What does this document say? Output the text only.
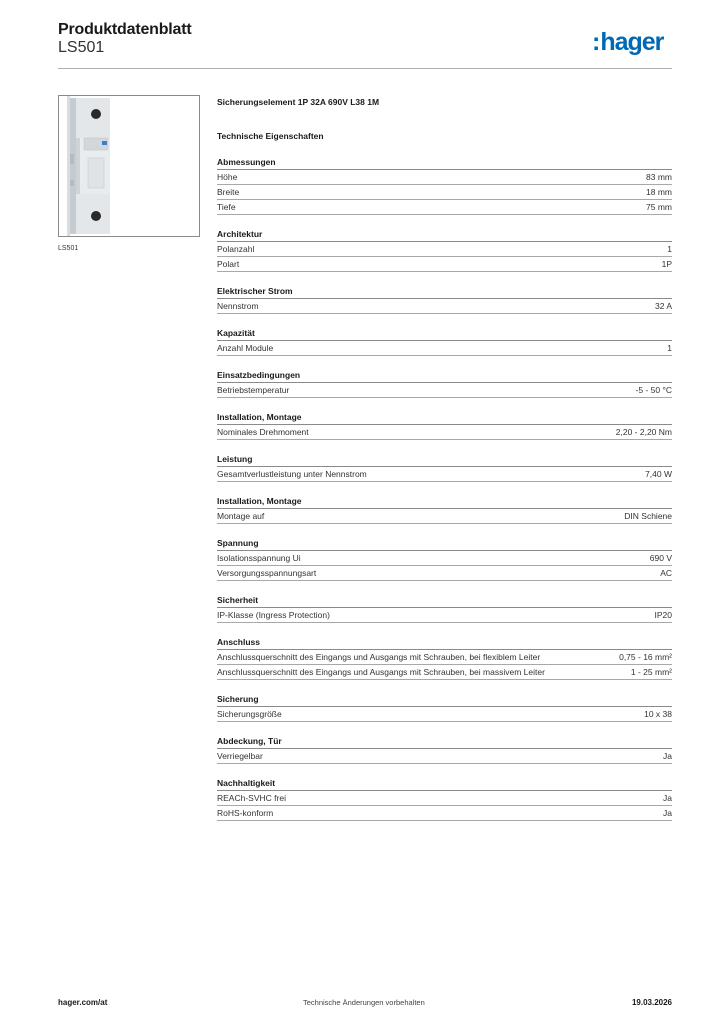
Produktdatenblatt
LS501	:hager
LS501
Sicherungselement 1P 32A 690V L38 1M
Technische Eigenschaften
Abmessungen
Höhe	83 mm
Breite	18 mm
Tiefe	75 mm
Architektur
Polanzahl	1
Polart	1P
Elektrischer Strom
Nennstrom	32 A
Kapazität
Anzahl Module	1
Einsatzbedingungen
Betriebstemperatur	-5 - 50 °C
Installation, Montage
Nominales Drehmoment	2,20 - 2,20 Nm
Leistung
Gesamtverlustleistung unter Nennstrom	7,40 W
Installation, Montage
Montage auf	DIN Schiene
Spannung
Isolationsspannung Ui	690 V
Versorgungsspannungsart	AC
Sicherheit
IP-Klasse (Ingress Protection)	IP20
Anschluss
Anschlussquerschnitt des Eingangs und Ausgangs mit Schrauben, bei flexiblem Leiter	0,75 - 16 mm²
Anschlussquerschnitt des Eingangs und Ausgangs mit Schrauben, bei massivem Leiter	1 - 25 mm²
Sicherung
Sicherungsgröße	10 x 38
Abdeckung, Tür
Verriegelbar	Ja
Nachhaltigkeit
REACh-SVHC frei	Ja
RoHS-konform	Ja
hager.com/at	Technische Änderungen vorbehalten	19.03.2026
